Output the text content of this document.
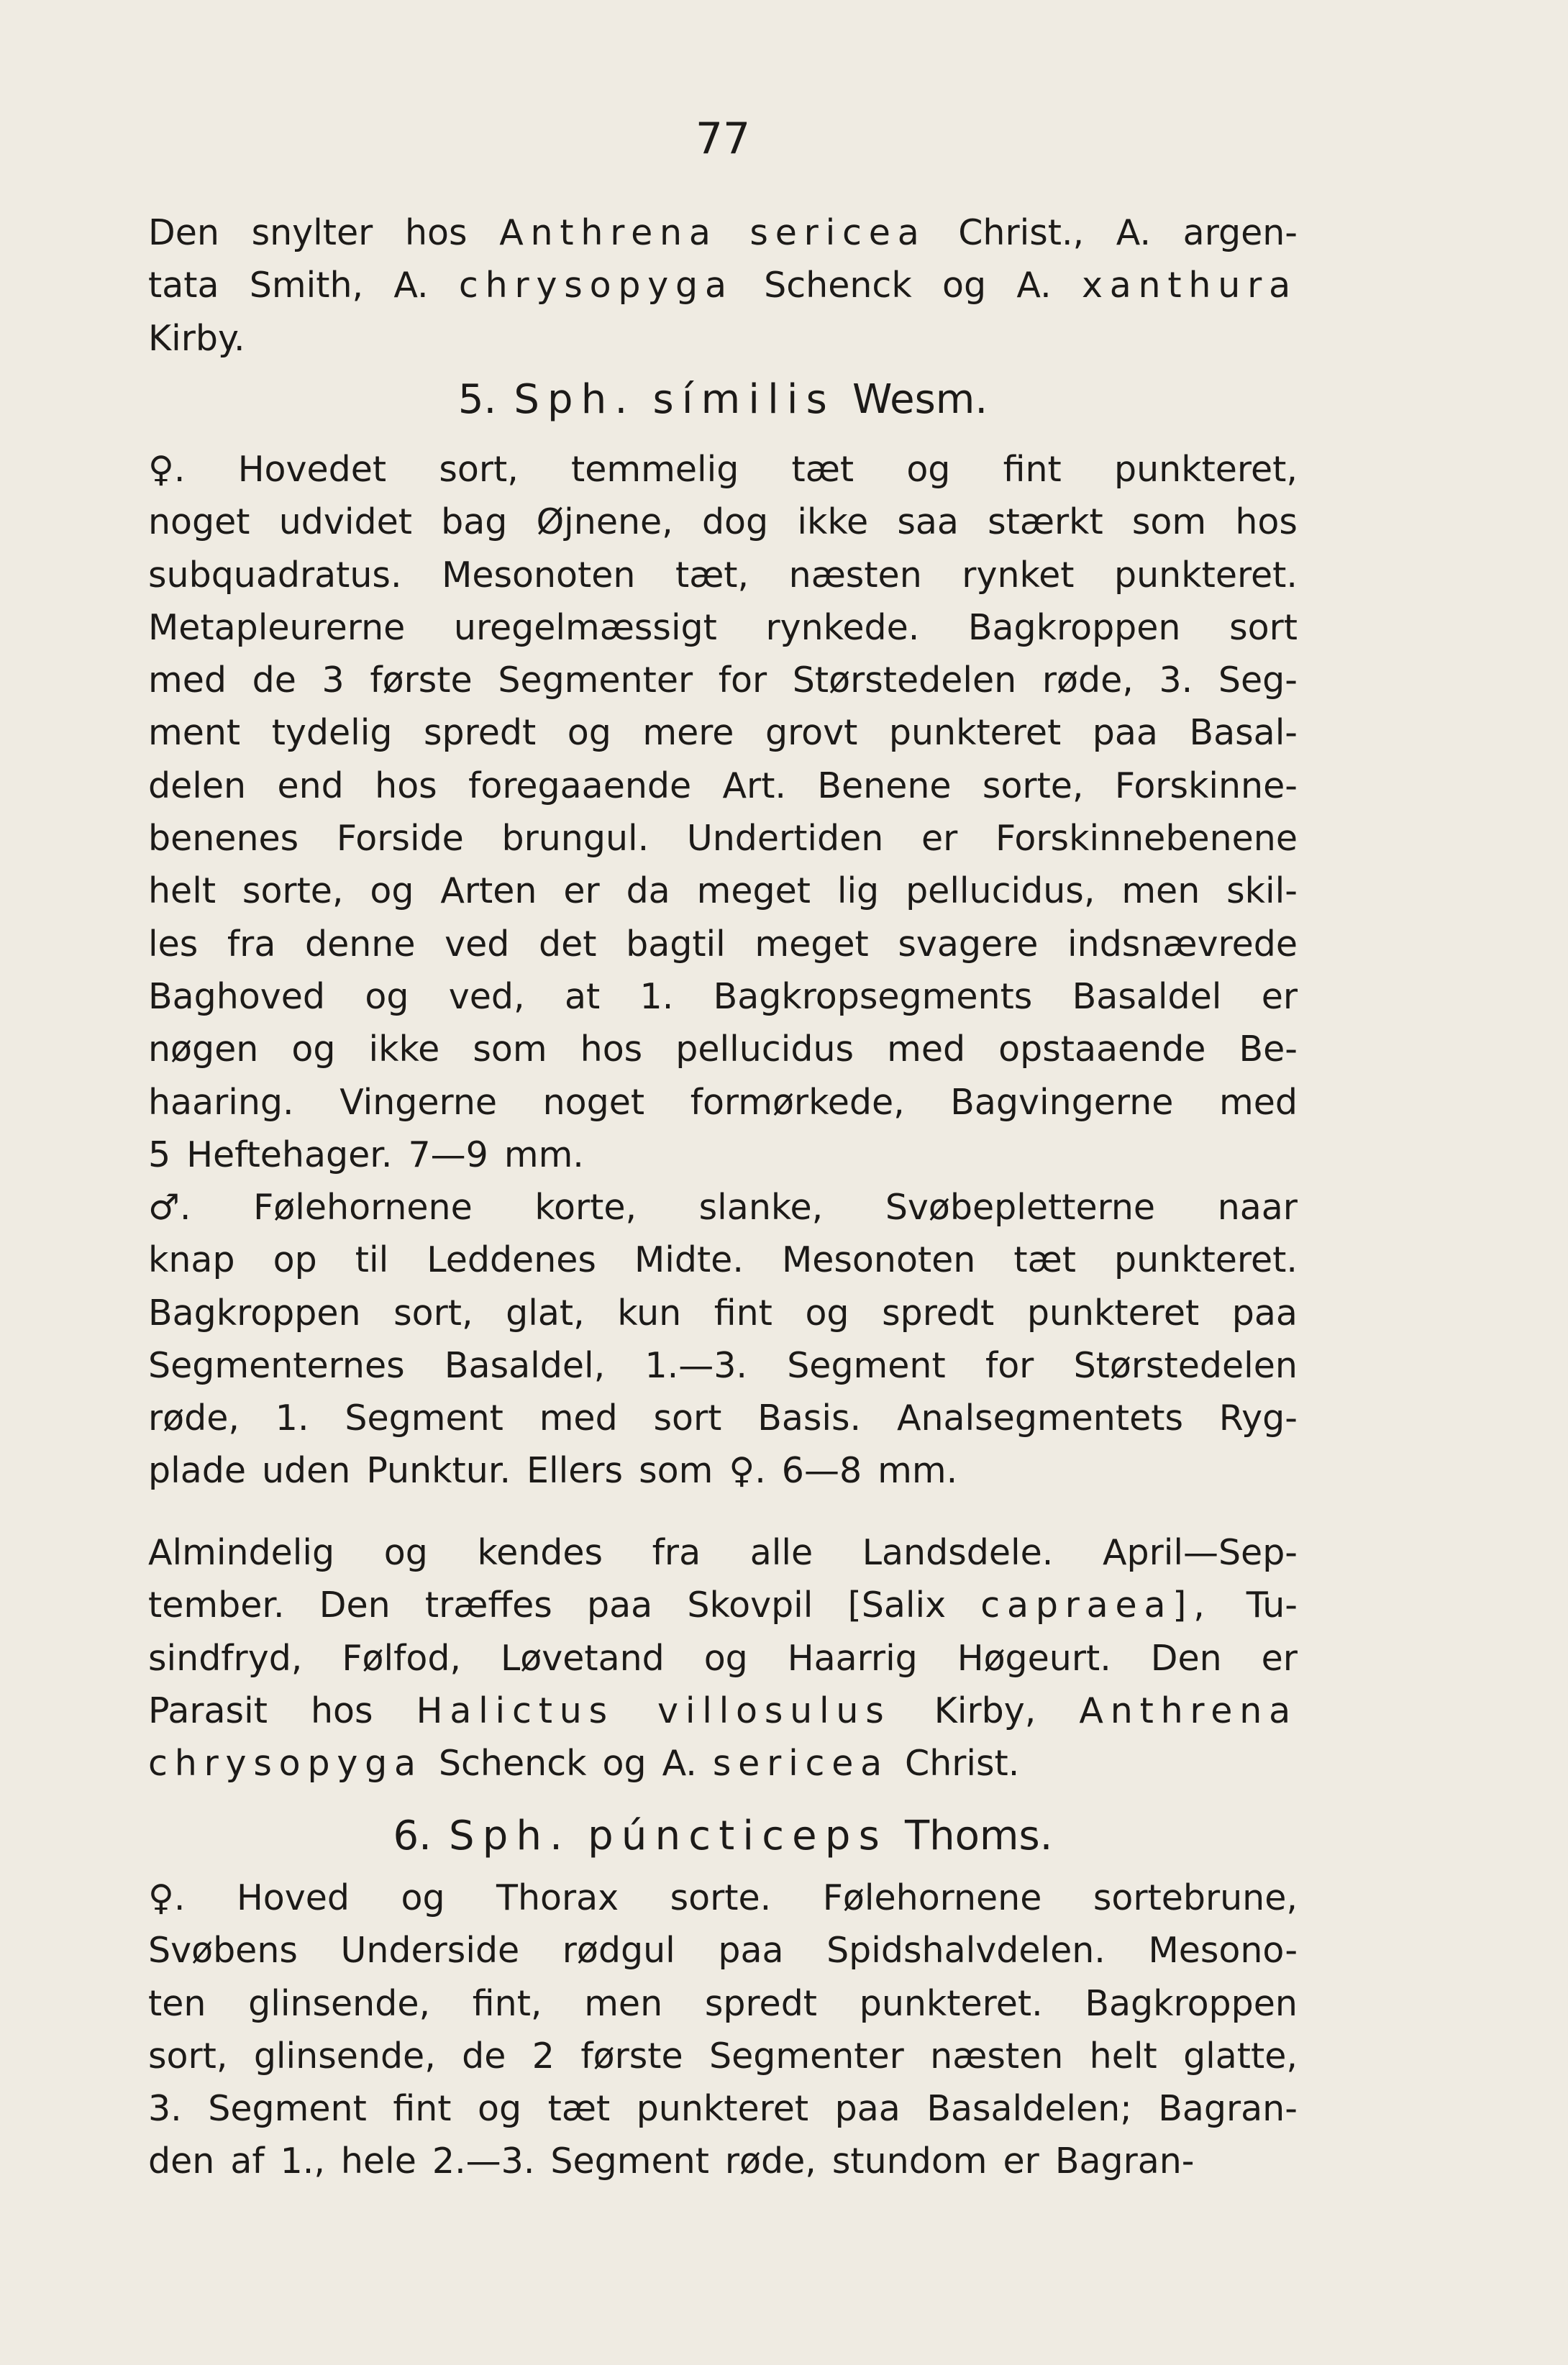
77
Den snylter hos Anthrena sericea Christ., A. argen-
tata Smith, A. chrysopyga Schenck og A. xanthura
Kirby.
5. Sph. símilis Wesm.
♀. Hovedet sort, temmelig tæt og fint punkteret,
noget udvidet bag Øjnene, dog ikke saa stærkt som hos
subquadratus. Mesonoten tæt, næsten rynket punkteret.
Metapleurerne uregelmæssigt rynkede. Bagkroppen sort
med de 3 første Segmenter for Størstedelen røde, 3. Seg-
ment tydelig spredt og mere grovt punkteret paa Basal-
delen end hos foregaaende Art. Benene sorte, Forskinne-
benenes Forside brungul. Undertiden er Forskinnebenene
helt sorte, og Arten er da meget lig pellucidus, men skil-
les fra denne ved det bagtil meget svagere indsnævrede
Baghoved og ved, at 1. Bagkropsegments Basaldel er
nøgen og ikke som hos pellucidus med opstaaende Be-
haaring. Vingerne noget formørkede, Bagvingerne med
5 Heftehager. 7—9 mm.
♂. Følehornene korte, slanke, Svøbepletterne naar
knap op til Leddenes Midte. Mesonoten tæt punkteret.
Bagkroppen sort, glat, kun fint og spredt punkteret paa
Segmenternes Basaldel, 1.—3. Segment for Størstedelen
røde, 1. Segment med sort Basis. Analsegmentets Ryg-
plade uden Punktur. Ellers som ♀. 6—8 mm.
Almindelig og kendes fra alle Landsdele. April—Sep-
tember. Den træffes paa Skovpil [Salix capraea], Tu-
sindfryd, Følfod, Løvetand og Haarrig Høgeurt. Den er
Parasit hos Halictus villosulus Kirby, Anthrena
chrysopyga Schenck og A. sericea Christ.
6. Sph. púncticeps Thoms.
♀. Hoved og Thorax sorte. Følehornene sortebrune,
Svøbens Underside rødgul paa Spidshalvdelen. Mesono-
ten glinsende, fint, men spredt punkteret. Bagkroppen
sort, glinsende, de 2 første Segmenter næsten helt glatte,
3. Segment fint og tæt punkteret paa Basaldelen; Bagran-
den af 1., hele 2.—3. Segment røde, stundom er Bagran-
